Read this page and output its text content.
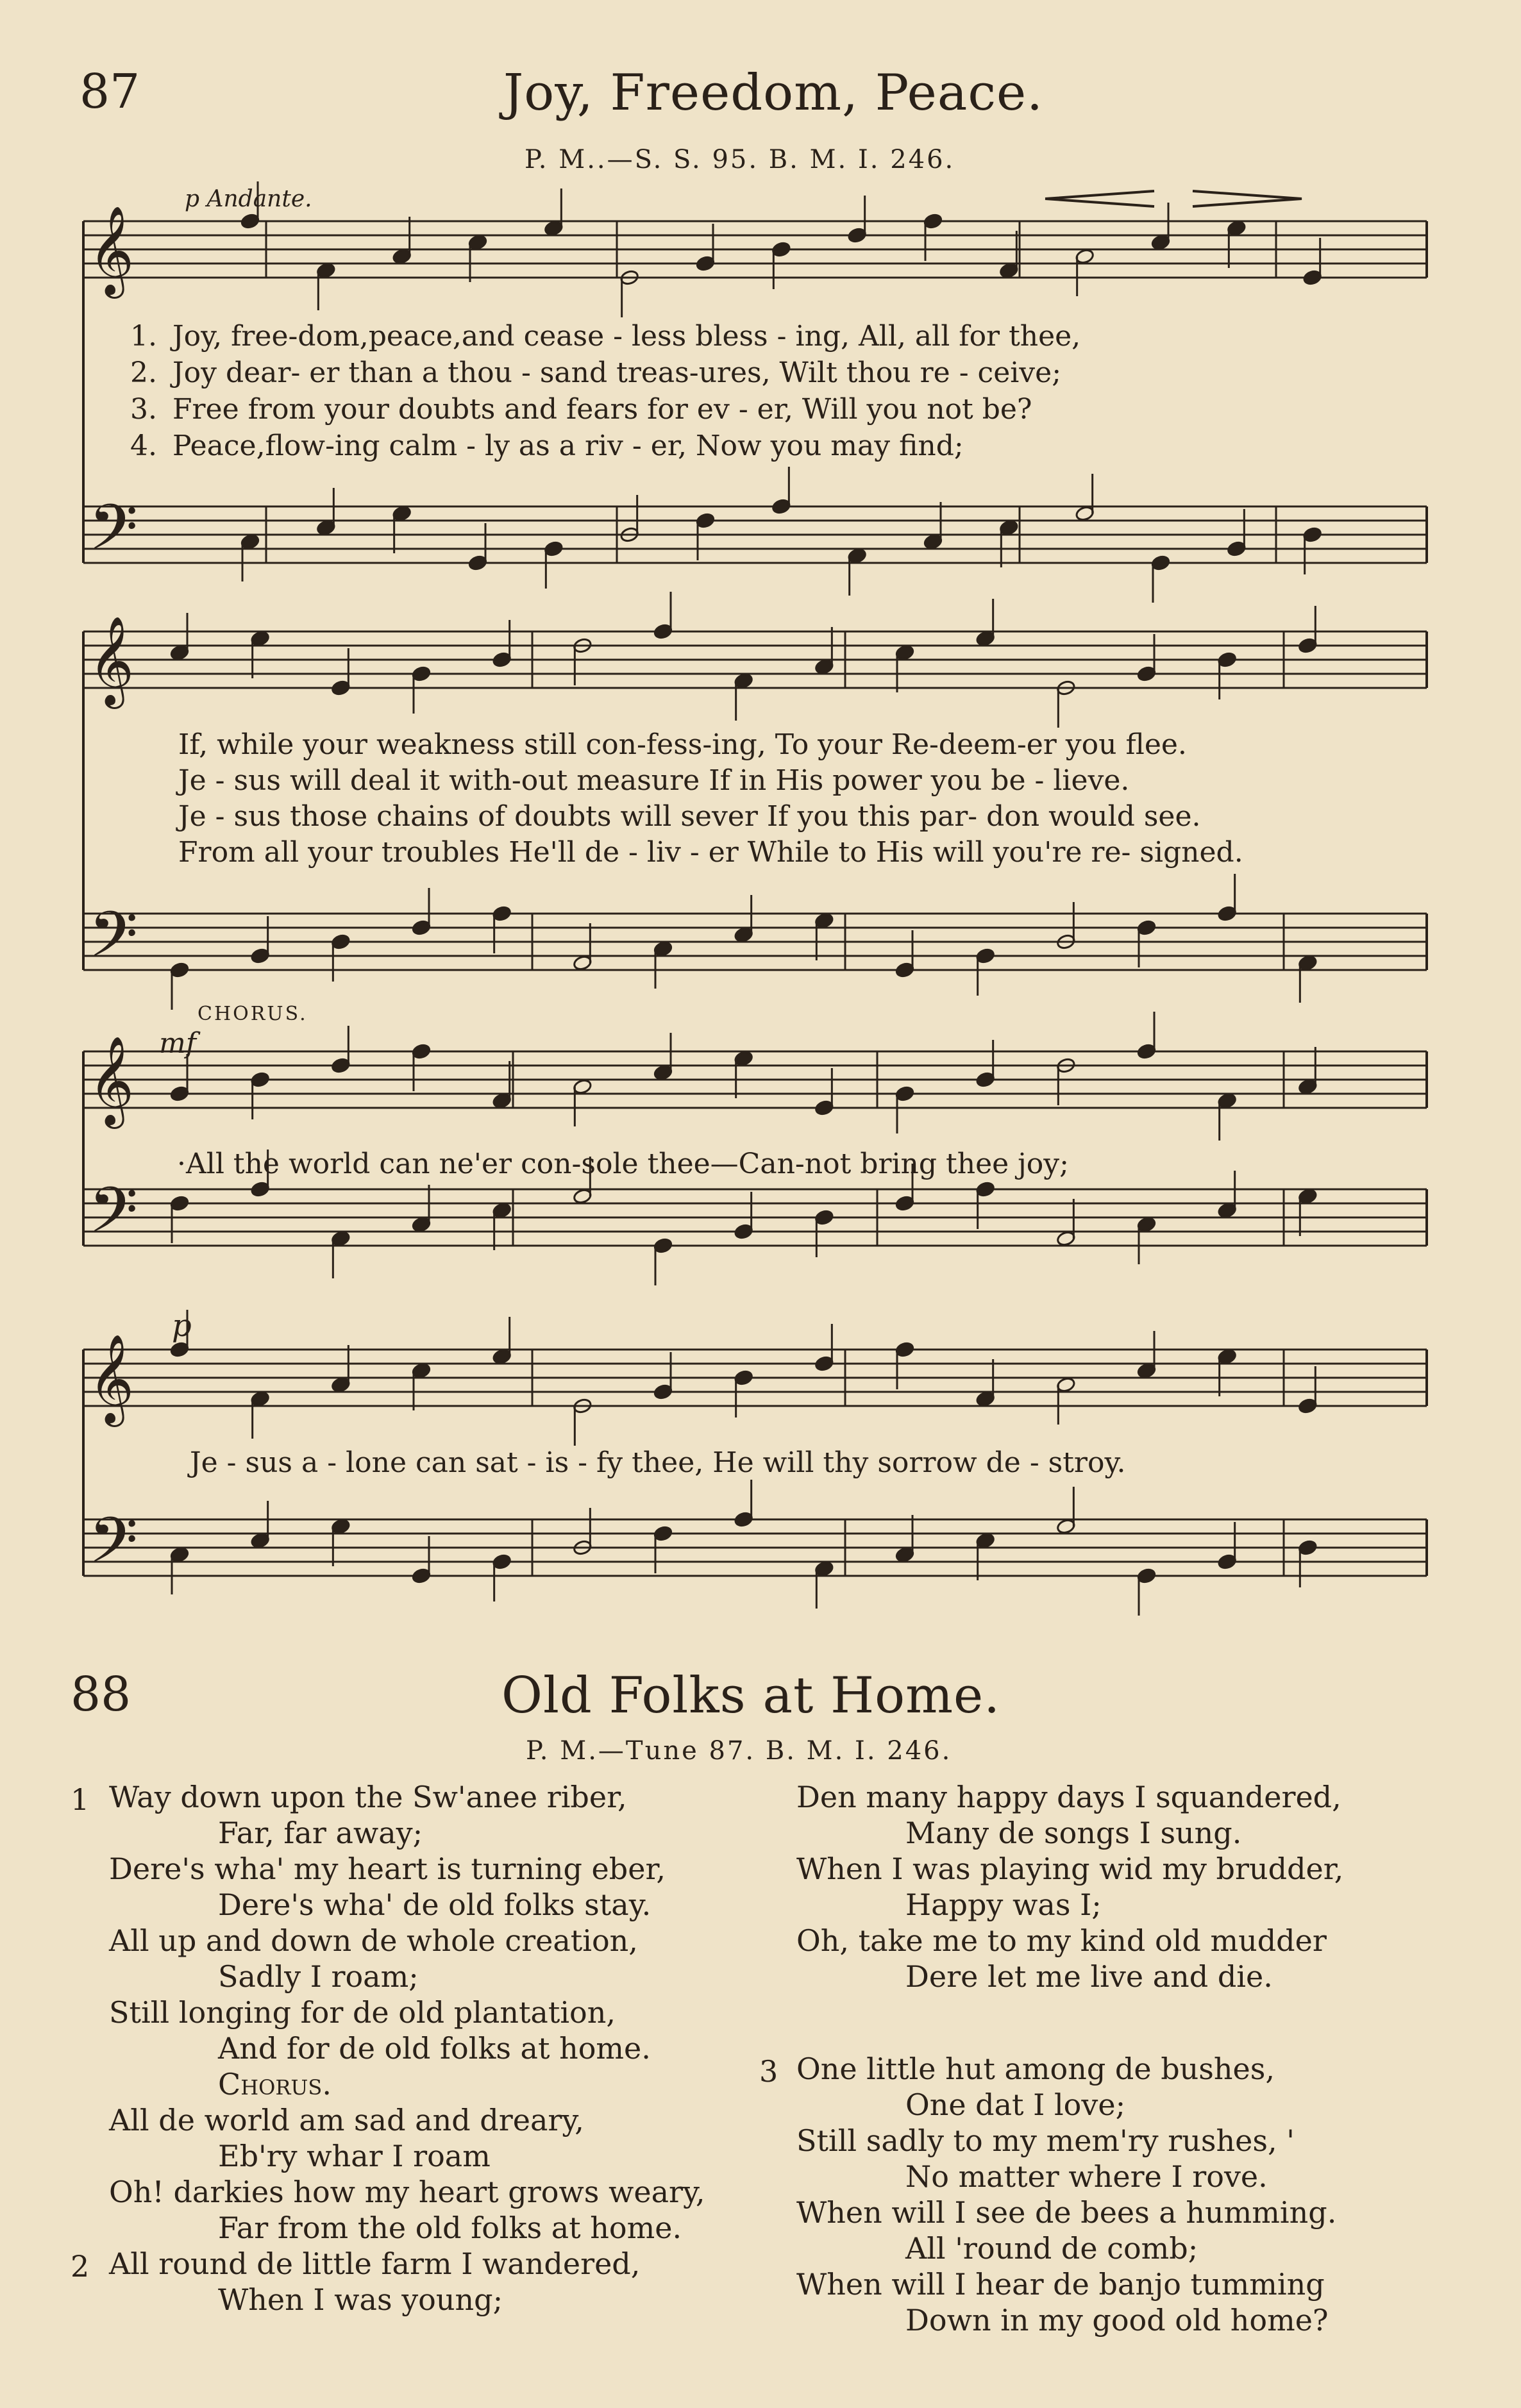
87	Joy, Freedom, Peace.
P. M..—S. S. 95. B. M. I. 246.
p Andante.
𝄞
𝄢
𝄞
𝄢
𝄞
𝄢
𝄞
𝄢
1. Joy, free-dom,peace,and cease - less bless - ing, All, all for thee,
2. Joy dear- er than a thou - sand treas-ures, Wilt thou re - ceive;
3. Free from your doubts and fears for ev - er, Will you not be?
4. Peace,flow-ing calm - ly as a riv - er, Now you may find;
If, while your weakness still con-fess-ing, To your Re-deem-er you flee.
Je - sus will deal it with-out measure If in His power you be - lieve.
Je - sus those chains of doubts will sever If you this par- don would see.
From all your troubles He'll de - liv - er While to His will you're re- signed.
CHORUS.
mf
·All the world can ne'er con-sole thee—Can-not bring thee joy;
p
Je - sus a - lone can sat - is - fy thee, He will thy sorrow de - stroy.
88	Old Folks at Home.
P. M.—Tune 87. B. M. I. 246.
1 Way down upon the Sw'anee riber,
Far, far away;
Dere's wha' my heart is turning eber,
Dere's wha' de old folks stay.
All up and down de whole creation,
Sadly I roam;
Still longing for de old plantation,
And for de old folks at home.
Chorus.
All de world am sad and dreary,
Eb'ry whar I roam
Oh! darkies how my heart grows weary,
Far from the old folks at home.
2 All round de little farm I wandered,
When I was young;
Den many happy days I squandered,
Many de songs I sung.
When I was playing wid my brudder,
Happy was I;
Oh, take me to my kind old mudder
Dere let me live and die.
3 One little hut among de bushes,
One dat I love;
Still sadly to my mem'ry rushes, '
No matter where I rove.
When will I see de bees a humming.
All 'round de comb;
When will I hear de banjo tumming
Down in my good old home?
